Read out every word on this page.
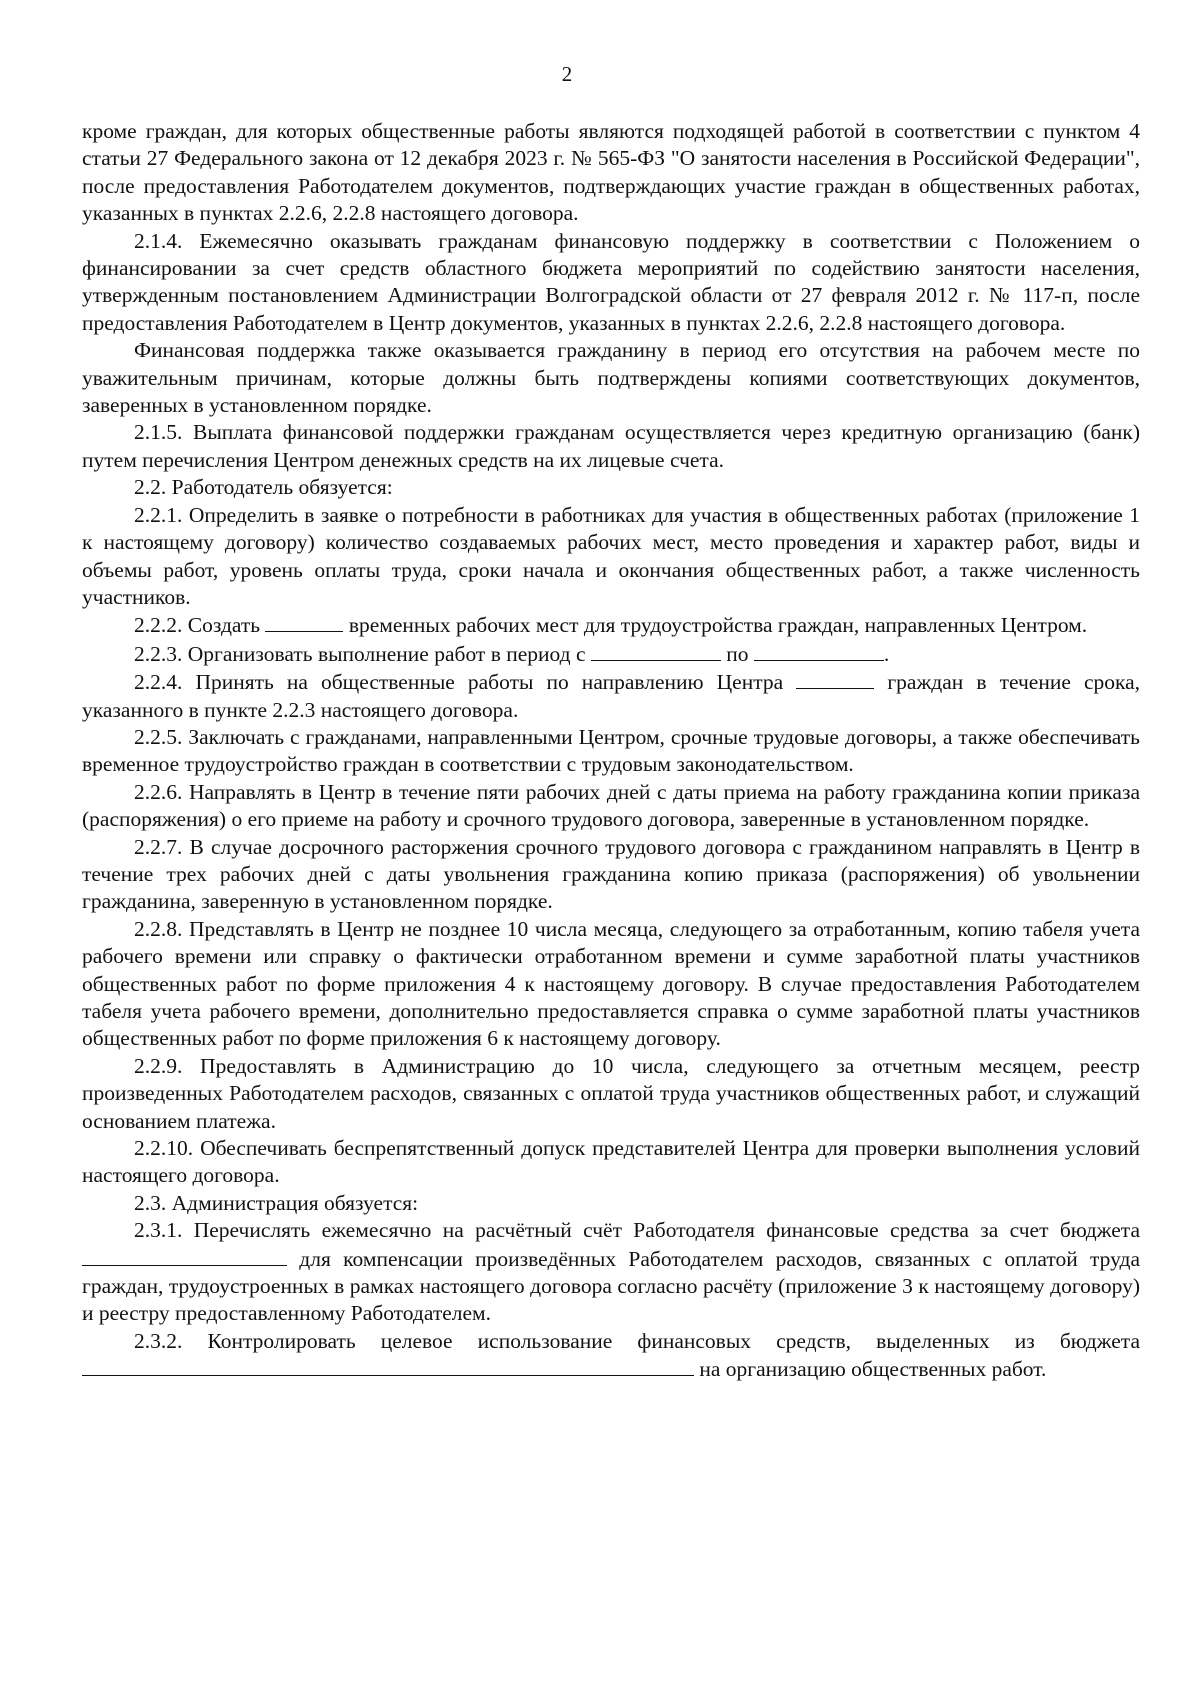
2

кроме граждан, для которых общественные работы являются подходящей работой в соответствии с пунктом 4 статьи 27 Федерального закона от 12 декабря 2023 г. № 565-ФЗ "О занятости населения в Российской Федерации", после предоставления Работодателем документов, подтверждающих участие граждан в общественных работах, указанных в пунктах 2.2.6, 2.2.8 настоящего договора.

2.1.4. Ежемесячно оказывать гражданам финансовую поддержку в соответствии с Положением о финансировании за счет средств областного бюджета мероприятий по содействию занятости населения, утвержденным постановлением Администрации Волгоградской области от 27 февраля 2012 г. № 117-п, после предоставления Работодателем в Центр документов, указанных в пунктах 2.2.6, 2.2.8 настоящего договора.

Финансовая поддержка также оказывается гражданину в период его отсутствия на рабочем месте по уважительным причинам, которые должны быть подтверждены копиями соответствующих документов, заверенных в установленном порядке.

2.1.5. Выплата финансовой поддержки гражданам осуществляется через кредитную организацию (банк) путем перечисления Центром денежных средств на их лицевые счета.

2.2. Работодатель обязуется:

2.2.1. Определить в заявке о потребности в работниках для участия в общественных работах (приложение 1 к настоящему договору) количество создаваемых рабочих мест, место проведения и характер работ, виды и объемы работ, уровень оплаты труда, сроки начала и окончания общественных работ, а также численность участников.

2.2.2. Создать	временных рабочих мест для трудоустройства граждан, направленных Центром.

2.2.3. Организовать выполнение работ в период с	по	.

2.2.4. Принять на общественные работы по направлению Центра	граждан в течение срока, указанного в пункте 2.2.3 настоящего договора.

2.2.5. Заключать с гражданами, направленными Центром, срочные трудовые договоры, а также обеспечивать временное трудоустройство граждан в соответствии с трудовым законодательством.

2.2.6. Направлять в Центр в течение пяти рабочих дней с даты приема на работу гражданина копии приказа (распоряжения) о его приеме на работу и срочного трудового договора, заверенные в установленном порядке.

2.2.7. В случае досрочного расторжения срочного трудового договора с гражданином направлять в Центр в течение трех рабочих дней с даты увольнения гражданина копию приказа (распоряжения) об увольнении гражданина, заверенную в установленном порядке.

2.2.8. Представлять в Центр не позднее 10 числа месяца, следующего за отработанным, копию табеля учета рабочего времени или справку о фактически отработанном времени и сумме заработной платы участников общественных работ по форме приложения 4 к настоящему договору. В случае предоставления Работодателем табеля учета рабочего времени, дополнительно предоставляется справка о сумме заработной платы участников общественных работ по форме приложения 6 к настоящему договору.

2.2.9. Предоставлять в Администрацию до 10 числа, следующего за отчетным месяцем, реестр произведенных Работодателем расходов, связанных с оплатой труда участников общественных работ, и служащий основанием платежа.

2.2.10. Обеспечивать беспрепятственный допуск представителей Центра для проверки выполнения условий настоящего договора.

2.3. Администрация обязуется:

2.3.1. Перечислять ежемесячно на расчётный счёт Работодателя финансовые средства за счет бюджета  для компенсации произведённых Работодателем расходов, связанных с оплатой труда граждан, трудоустроенных в рамках настоящего договора согласно расчёту (приложение 3 к настоящему договору) и реестру предоставленному Работодателем.

2.3.2. Контролировать целевое использование финансовых средств, выделенных из бюджета  на организацию общественных работ.
